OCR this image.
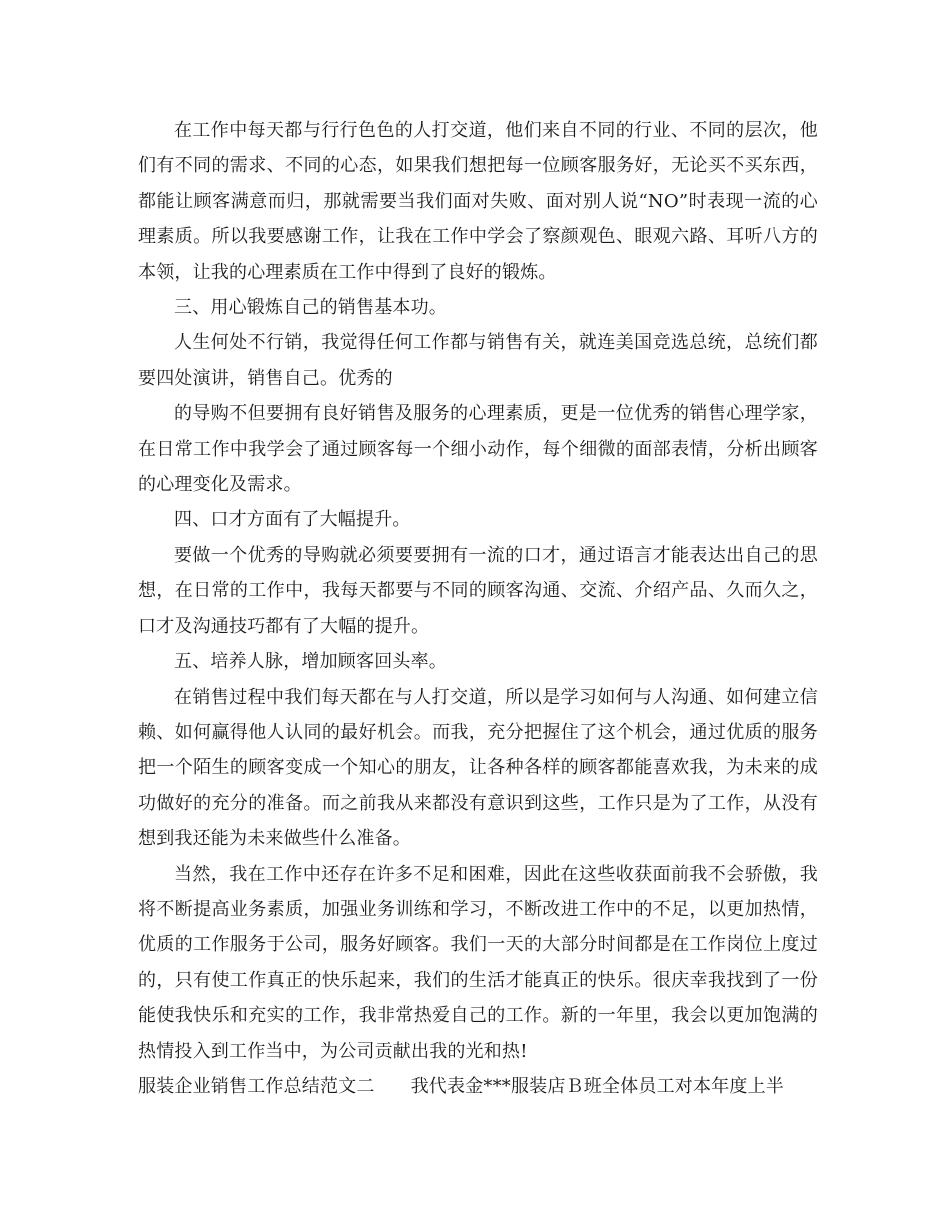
在工作中每天都与行行色色的人打交道，他们来自不同的行业、不同的层次，他们有不同的需求、不同的心态，如果我们想把每一位顾客服务好，无论买不买东西，都能让顾客满意而归，那就需要当我们面对失败、面对别人说“NO”时表现一流的心理素质。所以我要感谢工作，让我在工作中学会了察颜观色、眼观六路、耳听八方的本领，让我的心理素质在工作中得到了良好的锻炼。

三、用心锻炼自己的销售基本功。

人生何处不行销，我觉得任何工作都与销售有关，就连美国竞选总统，总统们都要四处演讲，销售自己。优秀的

的导购不但要拥有良好销售及服务的心理素质，更是一位优秀的销售心理学家，在日常工作中我学会了通过顾客每一个细小动作，每个细微的面部表情，分析出顾客的心理变化及需求。

四、口才方面有了大幅提升。

要做一个优秀的导购就必须要要拥有一流的口才，通过语言才能表达出自己的思想，在日常的工作中，我每天都要与不同的顾客沟通、交流、介绍产品、久而久之，口才及沟通技巧都有了大幅的提升。

五、培养人脉，增加顾客回头率。

在销售过程中我们每天都在与人打交道，所以是学习如何与人沟通、如何建立信赖、如何赢得他人认同的最好机会。而我，充分把握住了这个机会，通过优质的服务把一个陌生的顾客变成一个知心的朋友，让各种各样的顾客都能喜欢我，为未来的成功做好的充分的准备。而之前我从来都没有意识到这些，工作只是为了工作，从没有想到我还能为未来做些什么准备。

当然，我在工作中还存在许多不足和困难，因此在这些收获面前我不会骄傲，我将不断提高业务素质，加强业务训练和学习，不断改进工作中的不足，以更加热情，优质的工作服务于公司，服务好顾客。我们一天的大部分时间都是在工作岗位上度过的，只有使工作真正的快乐起来，我们的生活才能真正的快乐。很庆幸我找到了一份能使我快乐和充实的工作，我非常热爱自己的工作。新的一年里，我会以更加饱满的热情投入到工作当中，为公司贡献出我的光和热!

服装企业销售工作总结范文二 我代表金***服装店Ｂ班全体员工对本年度上半
